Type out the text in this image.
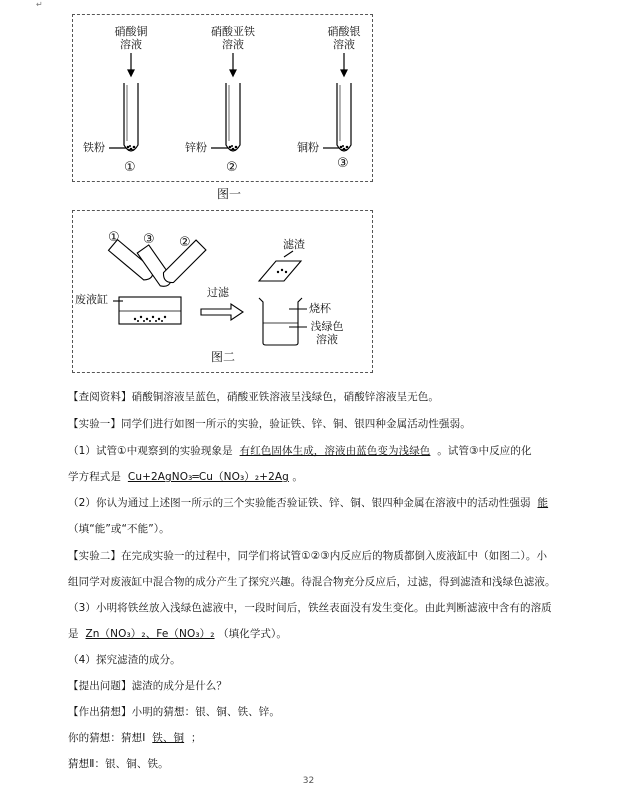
↵
硝酸铜
溶液
硝酸亚铁
溶液
硝酸银
溶液
铁粉	锌粉	铜粉
①	②	③
图一
① ③ ②
废液缸
过滤
滤渣
烧杯
浅绿色
溶液
图二
【查阅资料】硝酸铜溶液呈蓝色，硝酸亚铁溶液呈浅绿色，硝酸锌溶液呈无色。
【实验一】同学们进行如图一所示的实验，验证铁、锌、铜、银四种金属活动性强弱。
（1）试管①中观察到的实验现象是 有红色固体生成，溶液由蓝色变为浅绿色 。试管③中反应的化
学方程式是 Cu+2AgNO₃═Cu（NO₃）₂+2Ag 。
（2）你认为通过上述图一所示的三个实验能否验证铁、锌、铜、银四种金属在溶液中的活动性强弱 能
（填“能”或“不能”）。
【实验二】在完成实验一的过程中，同学们将试管①②③内反应后的物质都倒入废液缸中（如图二）。小
组同学对废液缸中混合物的成分产生了探究兴趣。待混合物充分反应后，过滤，得到滤渣和浅绿色滤液。
（3）小明将铁丝放入浅绿色滤液中，一段时间后，铁丝表面没有发生变化。由此判断滤液中含有的溶质
是 Zn（NO₃）₂、Fe（NO₃）₂ （填化学式）。
（4）探究滤渣的成分。
【提出问题】滤渣的成分是什么？
【作出猜想】小明的猜想：银、铜、铁、锌。
你的猜想：猜想Ⅰ 铁、铜 ；
猜想Ⅱ：银、铜、铁。
32
